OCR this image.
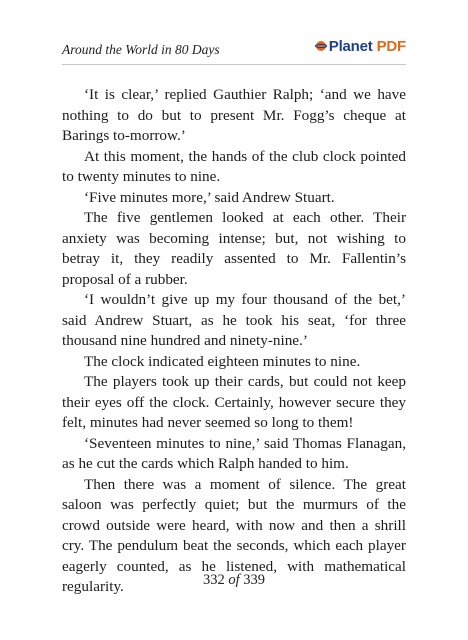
Around the World in 80 Days	Planet PDF

‘It is clear,’ replied Gauthier Ralph; ‘and we have nothing to do but to present Mr. Fogg’s cheque at Barings to-morrow.’

At this moment, the hands of the club clock pointed to twenty minutes to nine.

‘Five minutes more,’ said Andrew Stuart.

The five gentlemen looked at each other. Their anxiety was becoming intense; but, not wishing to betray it, they readily assented to Mr. Fallentin’s proposal of a rubber.

‘I wouldn’t give up my four thousand of the bet,’ said Andrew Stuart, as he took his seat, ‘for three thousand nine hundred and ninety-nine.’

The clock indicated eighteen minutes to nine.

The players took up their cards, but could not keep their eyes off the clock. Certainly, however secure they felt, minutes had never seemed so long to them!

‘Seventeen minutes to nine,’ said Thomas Flanagan, as he cut the cards which Ralph handed to him.

Then there was a moment of silence. The great saloon was perfectly quiet; but the murmurs of the crowd outside were heard, with now and then a shrill cry. The pendulum beat the seconds, which each player eagerly counted, as he listened, with mathematical regularity.	332 of 339
